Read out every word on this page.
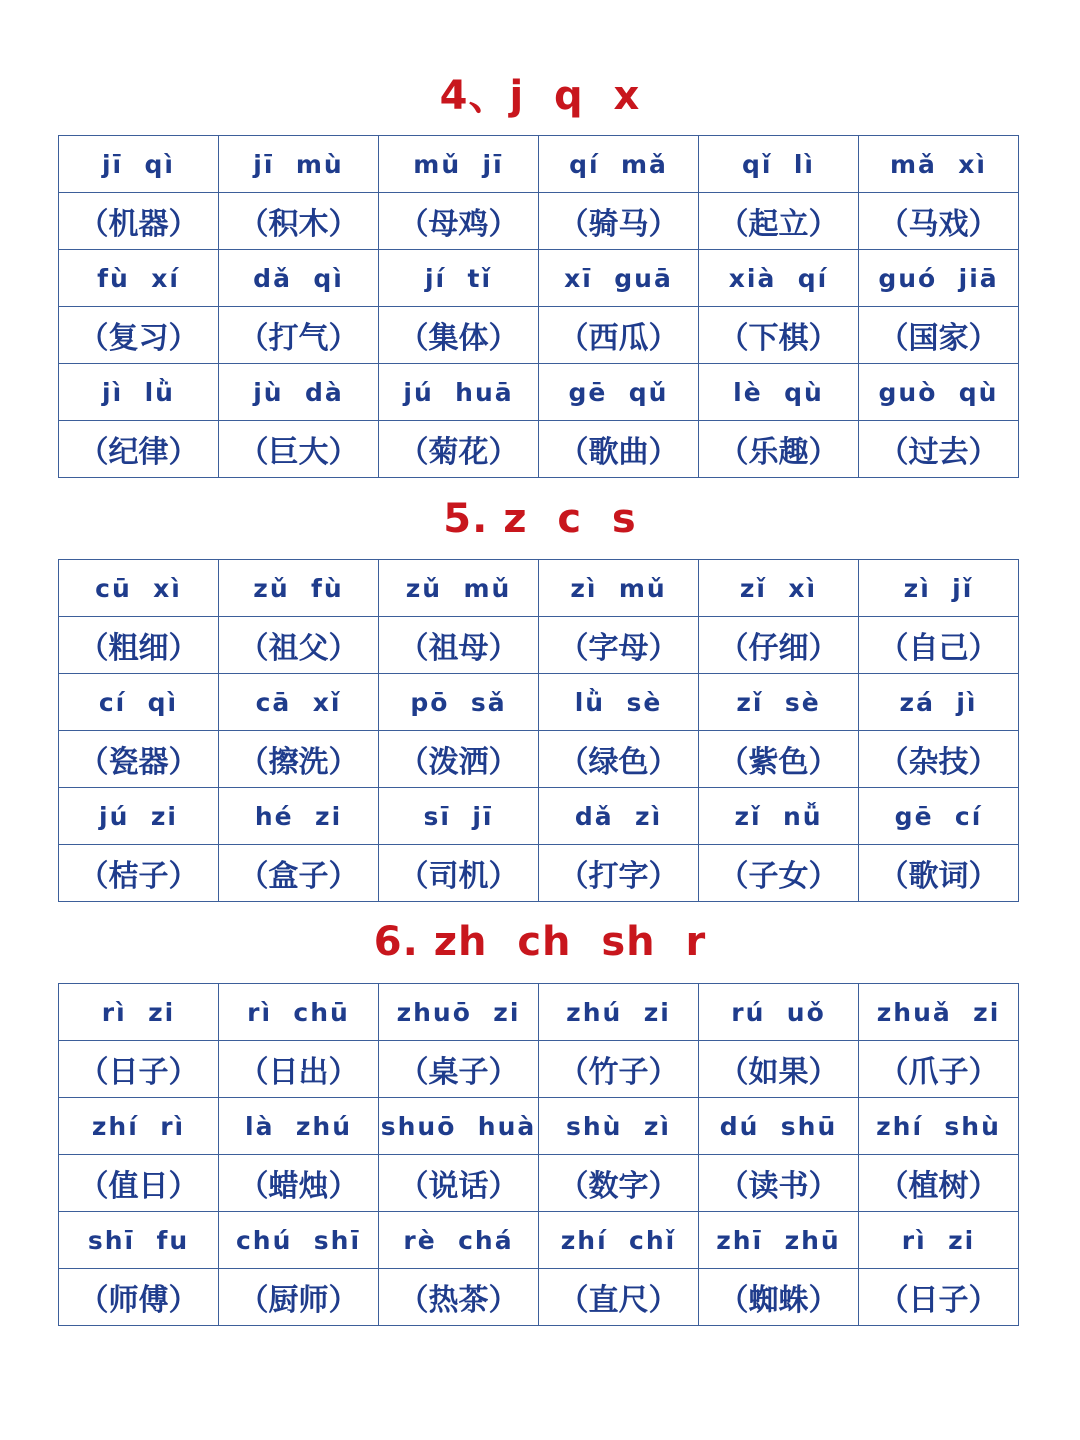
4、j  q  x
jī  qì	jī  mù	mǔ  jī	qí  mǎ	qǐ  lì	mǎ  xì
（机器）	（积木）	（母鸡）	（骑马）	（起立）	（马戏）
fù  xí	dǎ  qì	jí  tǐ	xī  guā	xià  qí	guó  jiā
（复习）	（打气）	（集体）	（西瓜）	（下棋）	（国家）
jì  lǜ	jù  dà	jú  huā	gē  qǔ	lè  qù	guò  qù
（纪律）	（巨大）	（菊花）	（歌曲）	（乐趣）	（过去）
5. z  c  s
cū  xì	zǔ  fù	zǔ  mǔ	zì  mǔ	zǐ  xì	zì  jǐ
（粗细）	（祖父）	（祖母）	（字母）	（仔细）	（自己）
cí  qì	cā  xǐ	pō  sǎ	lǜ  sè	zǐ  sè	zá  jì
（瓷器）	（擦洗）	（泼洒）	（绿色）	（紫色）	（杂技）
jú  zi	hé  zi	sī  jī	dǎ  zì	zǐ  nǚ	gē  cí
（桔子）	（盒子）	（司机）	（打字）	（子女）	（歌词）
6. zh  ch  sh  r
rì  zi	rì  chū	zhuō  zi	zhú  zi	rú  uǒ	zhuǎ  zi
（日子）	（日出）	（桌子）	（竹子）	（如果）	（爪子）
zhí  rì	là  zhú	shuō  huà	shù  zì	dú  shū	zhí  shù
（值日）	（蜡烛）	（说话）	（数字）	（读书）	（植树）
shī  fu	chú  shī	rè  chá	zhí  chǐ	zhī  zhū	rì  zi
（师傅）	（厨师）	（热茶）	（直尺）	（蜘蛛）	（日子）
